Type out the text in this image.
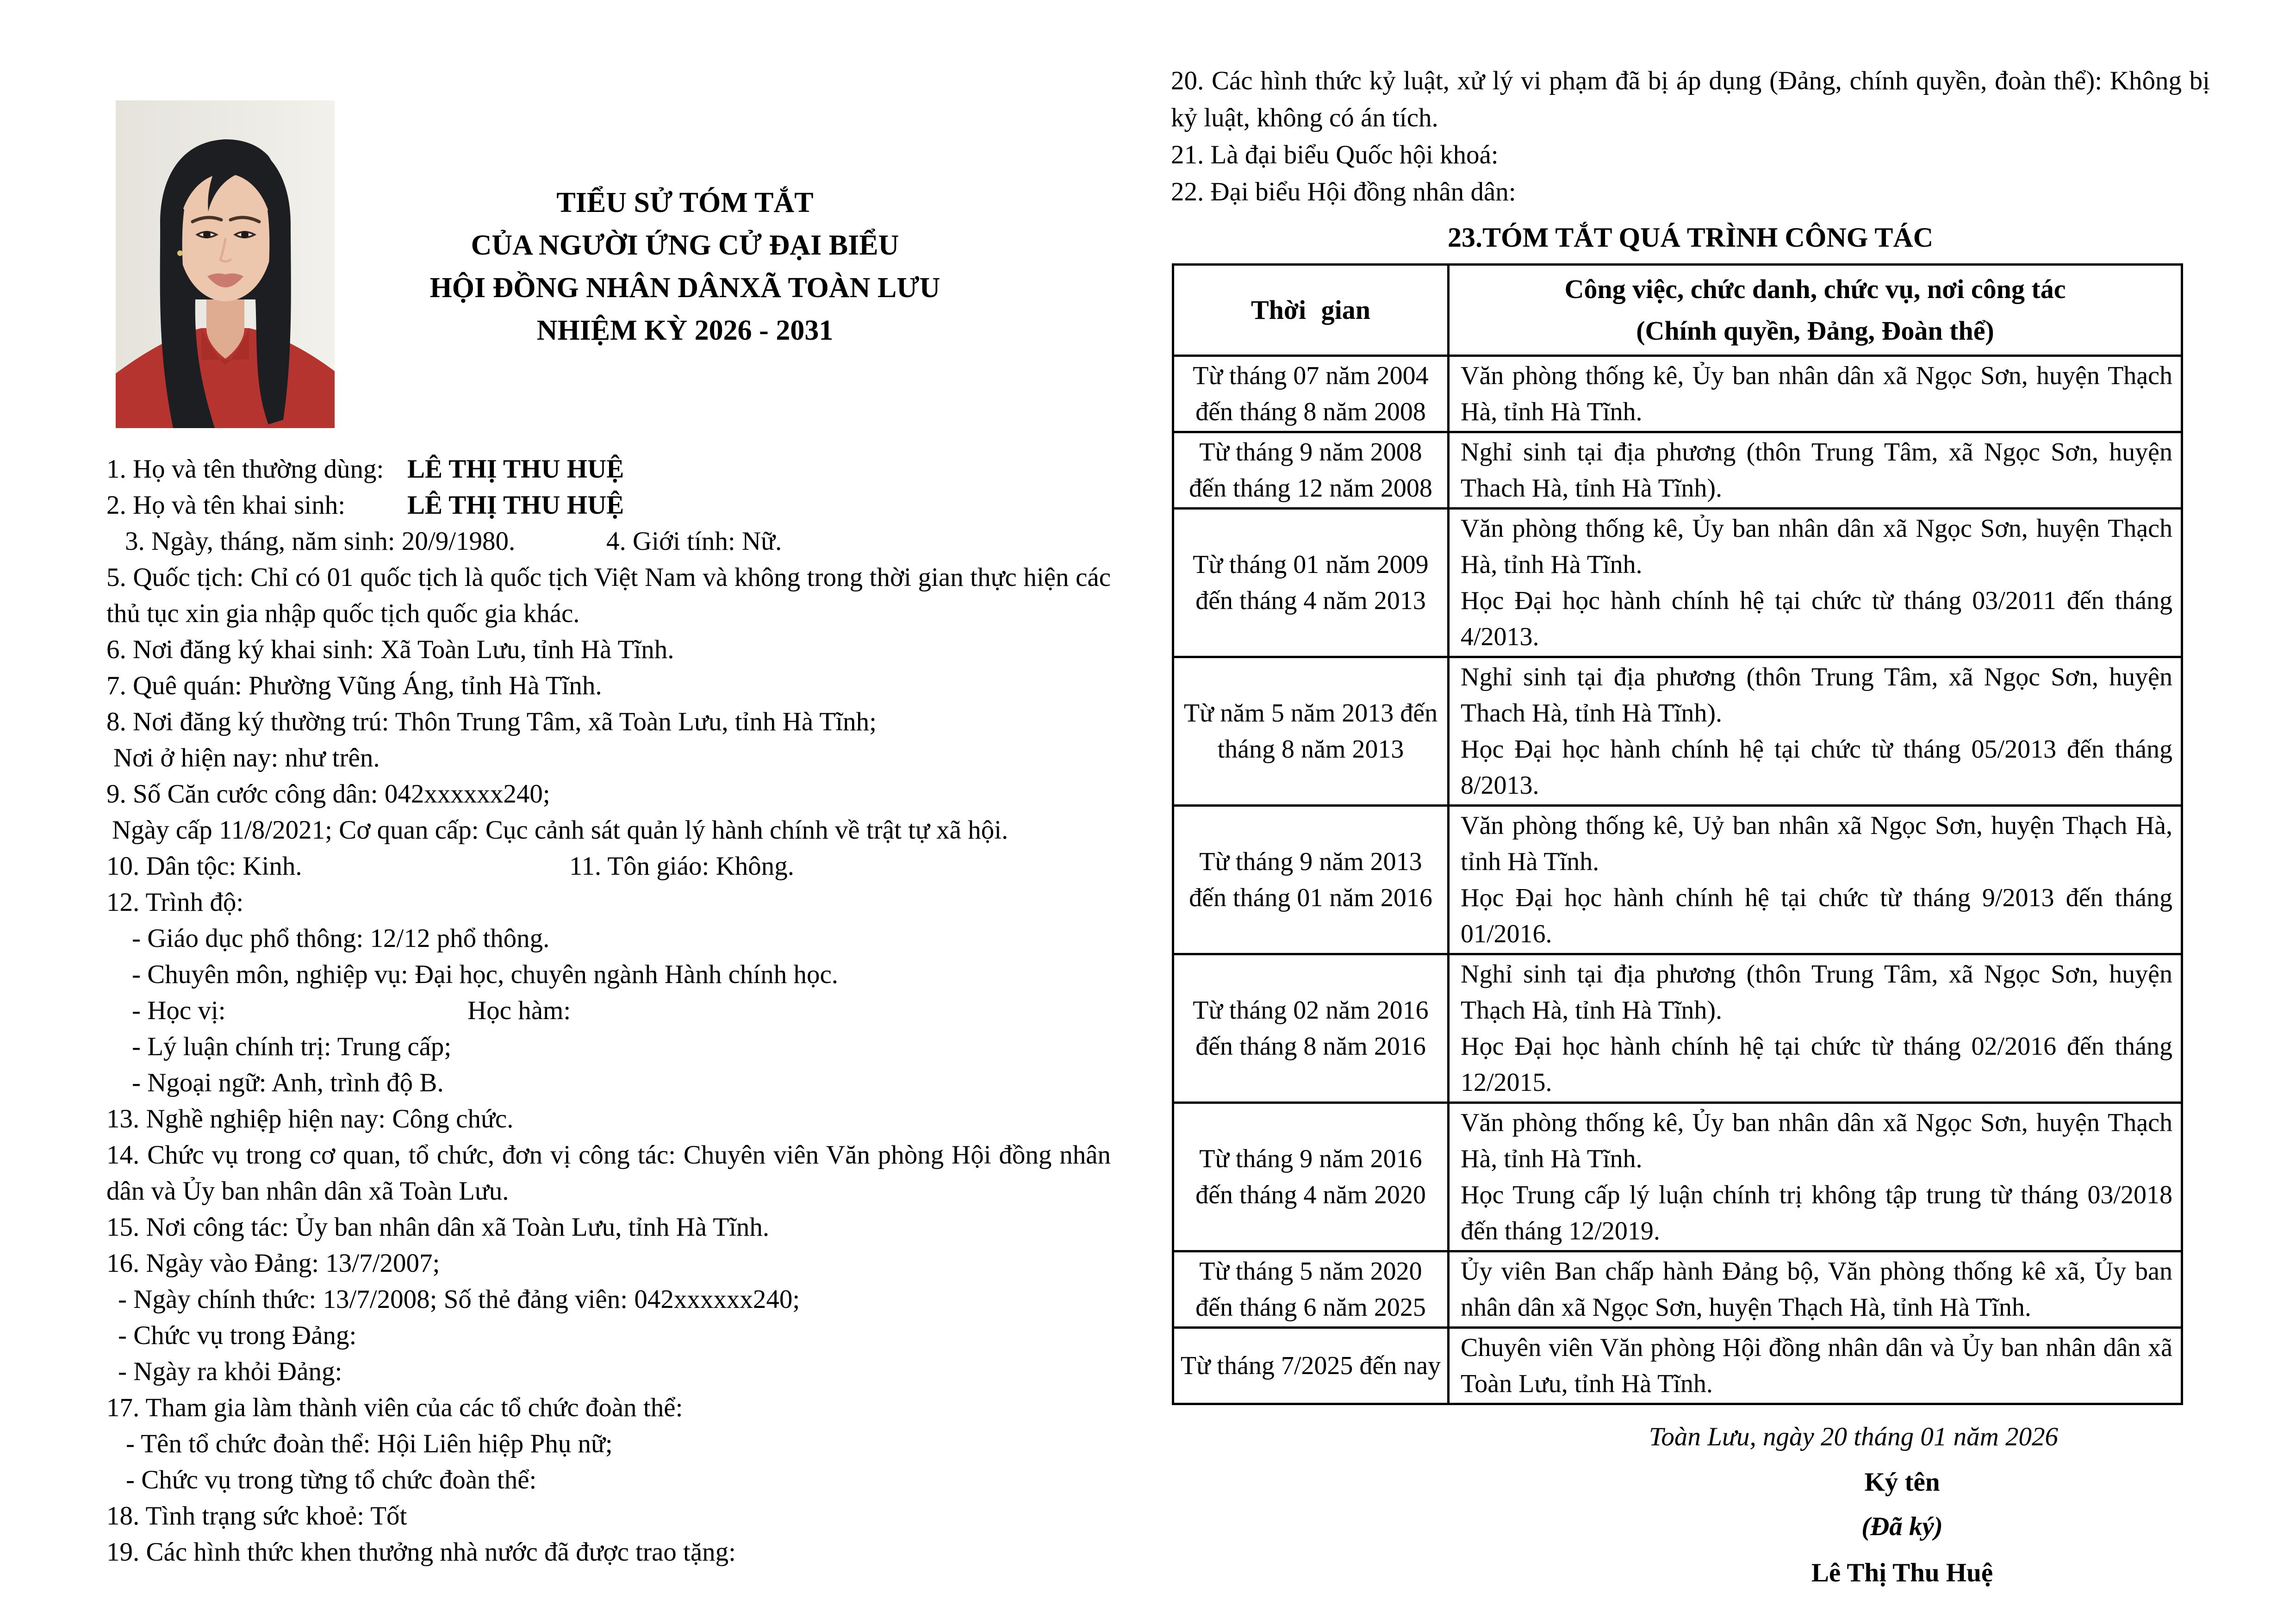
TIỂU SỬ TÓM TẮT
CỦA NGƯỜI ỨNG CỬ ĐẠI BIỂU
HỘI ĐỒNG NHÂN DÂNXÃ TOÀN LƯU
NHIỆM KỲ 2026 - 2031

1. Họ và tên thường dùng:LÊ THỊ THU HUỆ

2. Họ và tên khai sinh: LÊ THỊ THU HUỆ

3. Ngày, tháng, năm sinh: 20/9/1980.	4. Giới tính: Nữ.

5. Quốc tịch: Chỉ có 01 quốc tịch là quốc tịch Việt Nam và không trong thời gian thực hiện các thủ tục xin gia nhập quốc tịch quốc gia khác.

6. Nơi đăng ký khai sinh: Xã Toàn Lưu, tỉnh Hà Tĩnh.

7. Quê quán: Phường Vũng Áng, tỉnh Hà Tĩnh.

8. Nơi đăng ký thường trú: Thôn Trung Tâm, xã Toàn Lưu, tỉnh Hà Tĩnh;

Nơi ở hiện nay: như trên.

9. Số Căn cước công dân: 042xxxxxx240;

Ngày cấp 11/8/2021; Cơ quan cấp: Cục cảnh sát quản lý hành chính về trật tự xã hội.

10. Dân tộc: Kinh.	11. Tôn giáo: Không.

12. Trình độ:

- Giáo dục phổ thông: 12/12 phổ thông.

- Chuyên môn, nghiệp vụ: Đại học, chuyên ngành Hành chính học.

- Học vị:	Học hàm:

- Lý luận chính trị: Trung cấp;

- Ngoại ngữ: Anh, trình độ B.

13. Nghề nghiệp hiện nay: Công chức.

14. Chức vụ trong cơ quan, tổ chức, đơn vị công tác: Chuyên viên Văn phòng Hội đồng nhân dân và Ủy ban nhân dân xã Toàn Lưu.

15. Nơi công tác: Ủy ban nhân dân xã Toàn Lưu, tỉnh Hà Tĩnh.

16. Ngày vào Đảng: 13/7/2007;

- Ngày chính thức: 13/7/2008; Số thẻ đảng viên: 042xxxxxx240;

- Chức vụ trong Đảng:

- Ngày ra khỏi Đảng:

17. Tham gia làm thành viên của các tổ chức đoàn thể:

- Tên tổ chức đoàn thể: Hội Liên hiệp Phụ nữ;

- Chức vụ trong từng tổ chức đoàn thể:

18. Tình trạng sức khoẻ: Tốt

19. Các hình thức khen thưởng nhà nước đã được trao tặng:

20. Các hình thức kỷ luật, xử lý vi phạm đã bị áp dụng (Đảng, chính quyền, đoàn thể): Không bị kỷ luật, không có án tích.

21. Là đại biểu Quốc hội khoá:

22. Đại biểu Hội đồng nhân dân:

23.TÓM TẮT QUÁ TRÌNH CÔNG TÁC
Thời gian	Công việc, chức danh, chức vụ, nơi công tác
(Chính quyền, Đảng, Đoàn thể)

Từ tháng 07 năm 2004 đến tháng 8 năm 2008	Văn phòng thống kê, Ủy ban nhân dân xã Ngọc Sơn, huyện Thạch Hà, tỉnh Hà Tĩnh.

Từ tháng 9 năm 2008 đến tháng 12 năm 2008	Nghỉ sinh tại địa phương (thôn Trung Tâm, xã Ngọc Sơn, huyện Thach Hà, tỉnh Hà Tĩnh).

Từ tháng 01 năm 2009 đến tháng 4 năm 2013	Văn phòng thống kê, Ủy ban nhân dân xã Ngọc Sơn, huyện Thạch Hà, tỉnh Hà Tĩnh.
Học Đại học hành chính hệ tại chức từ tháng 03/2011 đến tháng 4/2013.

Từ năm 5 năm 2013 đến tháng 8 năm 2013	Nghỉ sinh tại địa phương (thôn Trung Tâm, xã Ngọc Sơn, huyện Thach Hà, tỉnh Hà Tĩnh).
Học Đại học hành chính hệ tại chức từ tháng 05/2013 đến tháng 8/2013.

Từ tháng 9 năm 2013 đến tháng 01 năm 2016	Văn phòng thống kê, Uỷ ban nhân xã Ngọc Sơn, huyện Thạch Hà, tỉnh Hà Tĩnh.
Học Đại học hành chính hệ tại chức từ tháng 9/2013 đến tháng 01/2016.

Từ tháng 02 năm 2016 đến tháng 8 năm 2016	Nghỉ sinh tại địa phương (thôn Trung Tâm, xã Ngọc Sơn, huyện Thạch Hà, tỉnh Hà Tĩnh).
Học Đại học hành chính hệ tại chức từ tháng 02/2016 đến tháng 12/2015.

Từ tháng 9 năm 2016 đến tháng 4 năm 2020	Văn phòng thống kê, Ủy ban nhân dân xã Ngọc Sơn, huyện Thạch Hà, tỉnh Hà Tĩnh.
Học Trung cấp lý luận chính trị không tập trung từ tháng 03/2018 đến tháng 12/2019.

Từ tháng 5 năm 2020 đến tháng 6 năm 2025	Ủy viên Ban chấp hành Đảng bộ, Văn phòng thống kê xã, Ủy ban nhân dân xã Ngọc Sơn, huyện Thạch Hà, tỉnh Hà Tĩnh.

Từ tháng 7/2025 đến nay	Chuyên viên Văn phòng Hội đồng nhân dân và Ủy ban nhân dân xã Toàn Lưu, tỉnh Hà Tĩnh.
Toàn Lưu, ngày 20 tháng 01 năm 2026
Ký tên
(Đã ký)
Lê Thị Thu Huệ
